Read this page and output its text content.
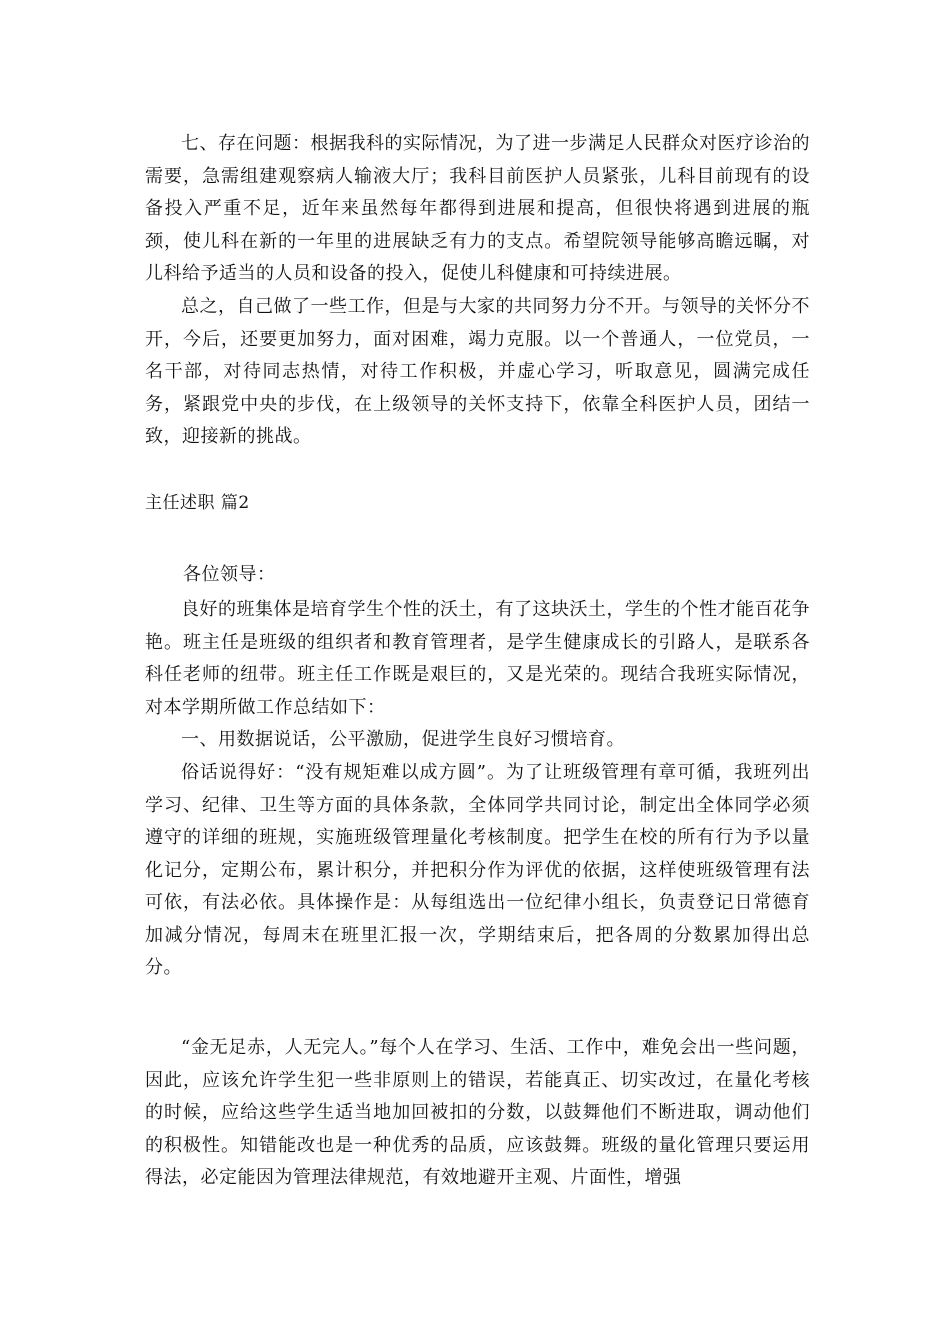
七、存在问题：根据我科的实际情况，为了进一步满足人民群众对医疗诊治的需要，急需组建观察病人输液大厅；我科目前医护人员紧张，儿科目前现有的设备投入严重不足，近年来虽然每年都得到进展和提高，但很快将遇到进展的瓶颈，使儿科在新的一年里的进展缺乏有力的支点。希望院领导能够高瞻远瞩，对儿科给予适当的人员和设备的投入，促使儿科健康和可持续进展。

总之，自己做了一些工作，但是与大家的共同努力分不开。与领导的关怀分不开，今后，还要更加努力，面对困难，竭力克服。以一个普通人，一位党员，一名干部，对待同志热情，对待工作积极，并虚心学习，听取意见，圆满完成任务，紧跟党中央的步伐，在上级领导的关怀支持下，依靠全科医护人员，团结一致，迎接新的挑战。

主任述职 篇2

各位领导：

良好的班集体是培育学生个性的沃土，有了这块沃土，学生的个性才能百花争艳。班主任是班级的组织者和教育管理者，是学生健康成长的引路人，是联系各科任老师的纽带。班主任工作既是艰巨的，又是光荣的。现结合我班实际情况，对本学期所做工作总结如下：

一、用数据说话，公平激励，促进学生良好习惯培育。

俗话说得好：“没有规矩难以成方圆”。为了让班级管理有章可循，我班列出学习、纪律、卫生等方面的具体条款，全体同学共同讨论，制定出全体同学必须遵守的详细的班规，实施班级管理量化考核制度。把学生在校的所有行为予以量化记分，定期公布，累计积分，并把积分作为评优的依据，这样使班级管理有法可依，有法必依。具体操作是：从每组选出一位纪律小组长，负责登记日常德育加减分情况，每周末在班里汇报一次，学期结束后，把各周的分数累加得出总分。

“金无足赤，人无完人。”每个人在学习、生活、工作中，难免会出一些问题，因此，应该允许学生犯一些非原则上的错误，若能真正、切实改过，在量化考核的时候，应给这些学生适当地加回被扣的分数，以鼓舞他们不断进取，调动他们的积极性。知错能改也是一种优秀的品质，应该鼓舞。班级的量化管理只要运用得法，必定能因为管理法律规范，有效地避开主观、片面性，增强
